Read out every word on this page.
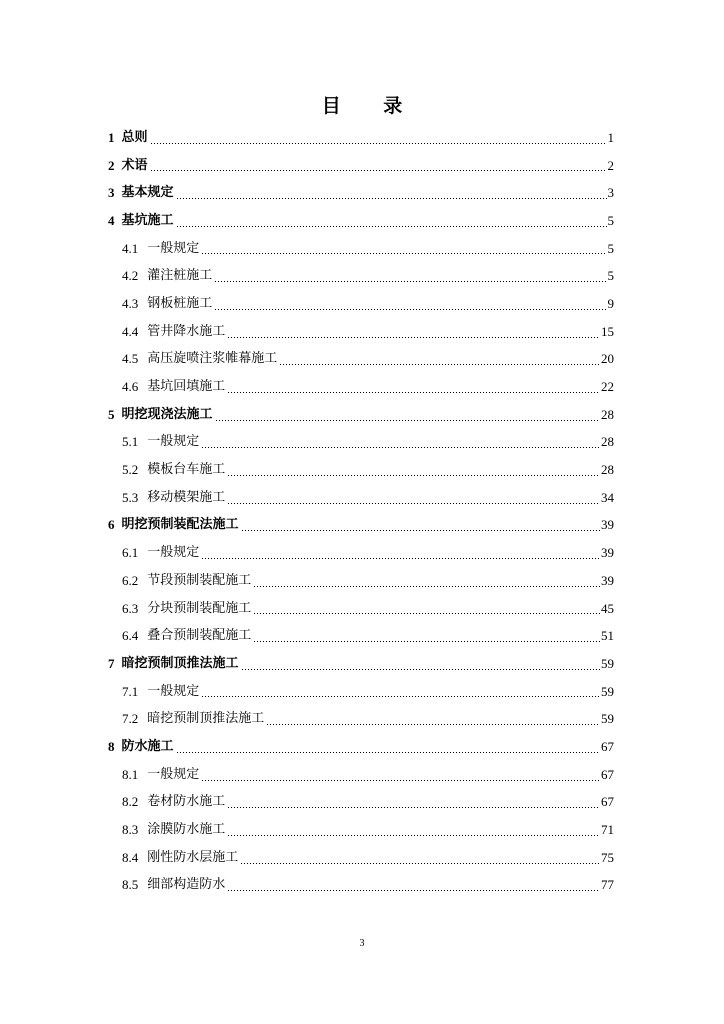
目 录
1 总则	1
2 术语	2
3 基本规定	3
4 基坑施工	5
4.1 一般规定	5
4.2 灌注桩施工	5
4.3 钢板桩施工	9
4.4 管井降水施工	15
4.5 高压旋喷注浆帷幕施工	20
4.6 基坑回填施工	22
5 明挖现浇法施工	28
5.1 一般规定	28
5.2 模板台车施工	28
5.3 移动模架施工	34
6 明挖预制装配法施工	39
6.1 一般规定	39
6.2 节段预制装配施工	39
6.3 分块预制装配施工	45
6.4 叠合预制装配施工	51
7 暗挖预制顶推法施工	59
7.1 一般规定	59
7.2 暗挖预制顶推法施工	59
8 防水施工	67
8.1 一般规定	67
8.2 卷材防水施工	67
8.3 涂膜防水施工	71
8.4 刚性防水层施工	75
8.5 细部构造防水	77
3
